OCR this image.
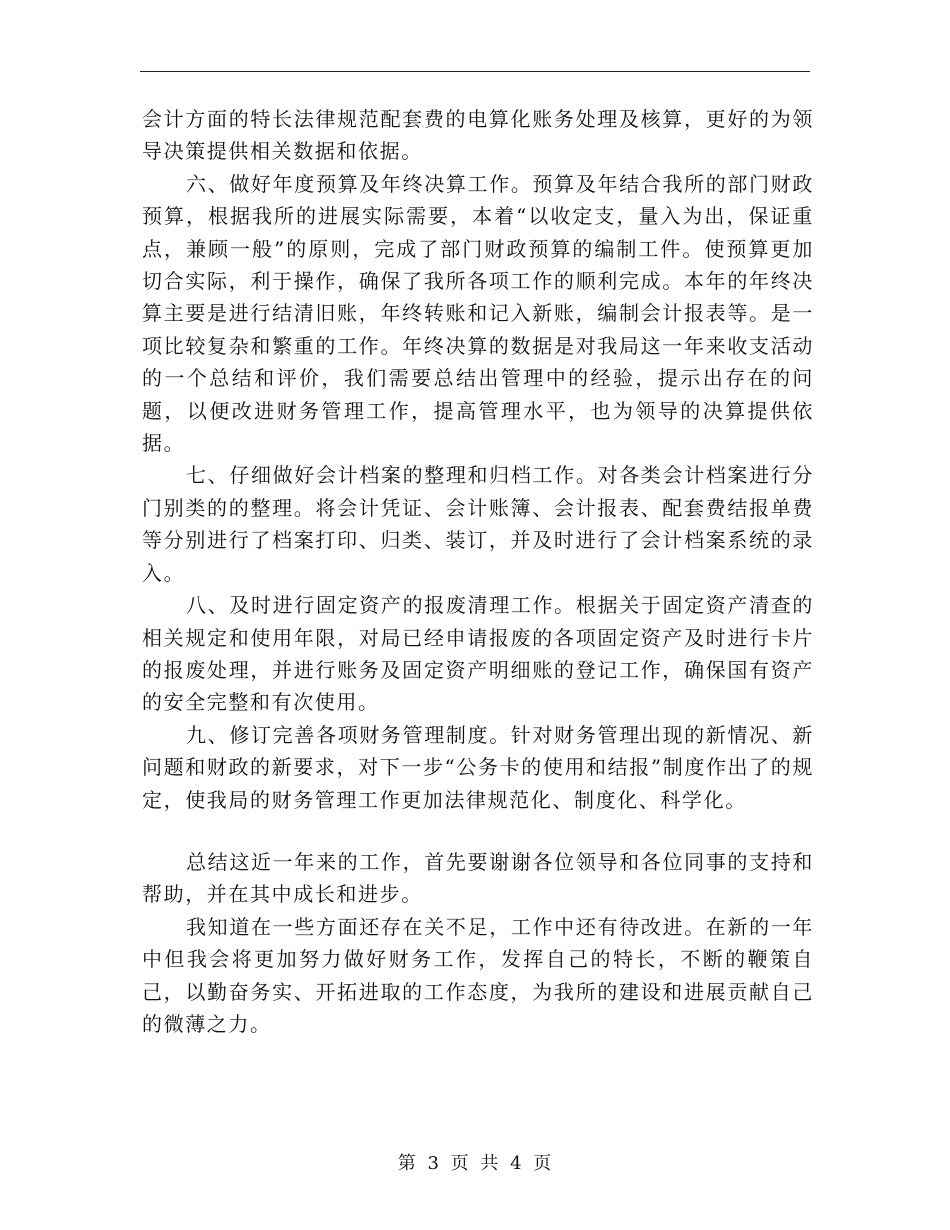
会计方面的特长法律规范配套费的电算化账务处理及核算，更好的为领导决策提供相关数据和依据。

六、做好年度预算及年终决算工作。预算及年结合我所的部门财政预算，根据我所的进展实际需要，本着“以收定支，量入为出，保证重点，兼顾一般”的原则，完成了部门财政预算的编制工件。使预算更加切合实际，利于操作，确保了我所各项工作的顺利完成。本年的年终决算主要是进行结清旧账，年终转账和记入新账，编制会计报表等。是一项比较复杂和繁重的工作。年终决算的数据是对我局这一年来收支活动的一个总结和评价，我们需要总结出管理中的经验，提示出存在的问题，以便改进财务管理工作，提高管理水平，也为领导的决算提供依据。

七、仔细做好会计档案的整理和归档工作。对各类会计档案进行分门别类的的整理。将会计凭证、会计账簿、会计报表、配套费结报单费等分别进行了档案打印、归类、装订，并及时进行了会计档案系统的录入。

八、及时进行固定资产的报废清理工作。根据关于固定资产清查的相关规定和使用年限，对局已经申请报废的各项固定资产及时进行卡片的报废处理，并进行账务及固定资产明细账的登记工作，确保国有资产的安全完整和有次使用。

九、修订完善各项财务管理制度。针对财务管理出现的新情况、新问题和财政的新要求，对下一步“公务卡的使用和结报”制度作出了的规定，使我局的财务管理工作更加法律规范化、制度化、科学化。

总结这近一年来的工作，首先要谢谢各位领导和各位同事的支持和帮助，并在其中成长和进步。

我知道在一些方面还存在关不足，工作中还有待改进。在新的一年中但我会将更加努力做好财务工作，发挥自己的特长，不断的鞭策自己，以勤奋务实、开拓进取的工作态度，为我所的建设和进展贡献自己的微薄之力。

第 3 页 共 4 页
